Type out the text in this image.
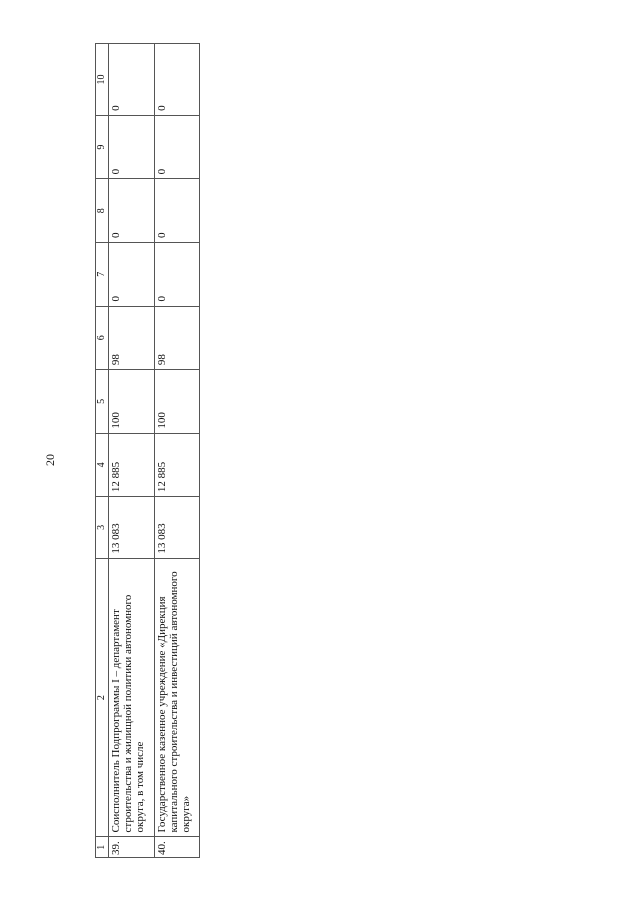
20
1	2	3	4	5	6	7	8	9	10
39.	Соисполнитель Подпрограммы I – департамент строительства и жилищной политики автономного округа, в том числе	13 083	12 885	100	98	0	0	0	0
40.	Государственное казенное учреждение «Дирекция капитального строительства и инвестиций автономного округа»	13 083	12 885	100	98	0	0	0	0
